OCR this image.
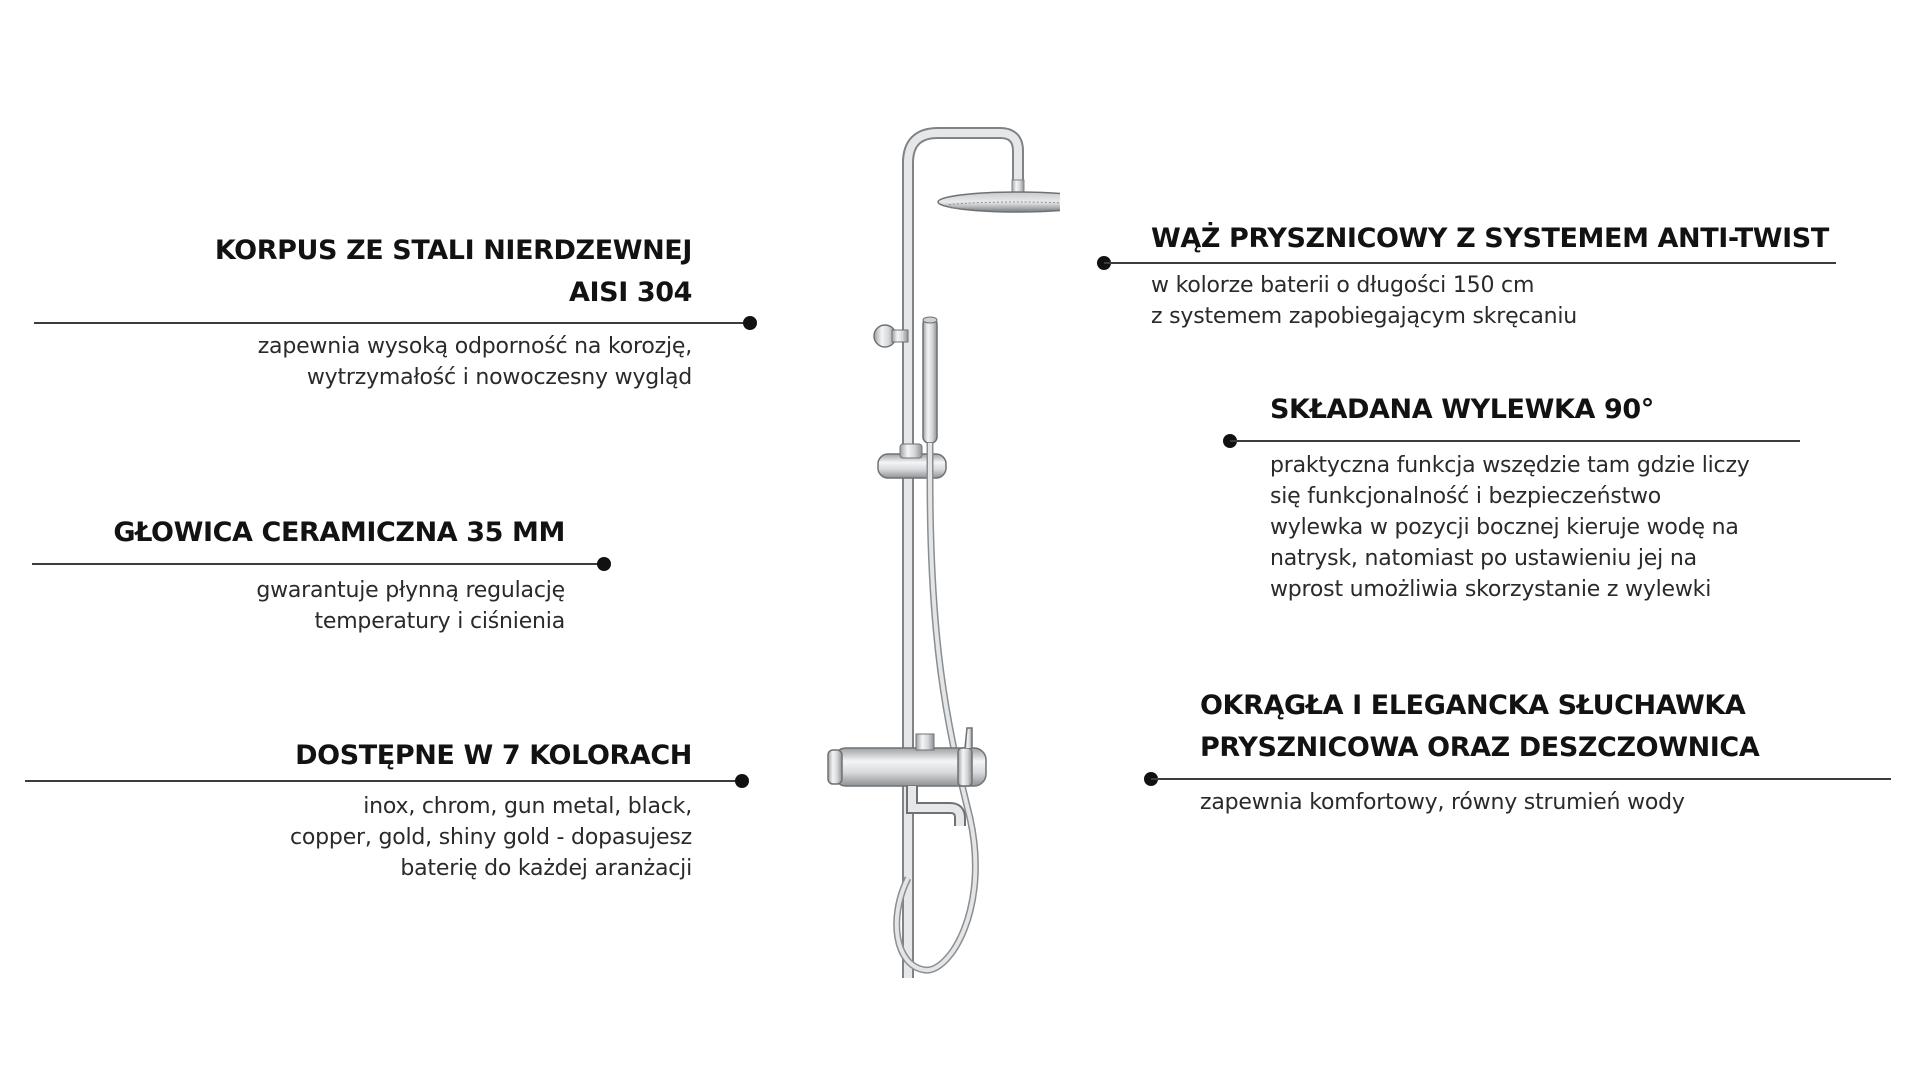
KORPUS ZE STALI NIERDZEWNEJ
AISI 304

zapewnia wysoką odporność na korozję,
wytrzymałość i nowoczesny wygląd

GŁOWICA CERAMICZNA 35 MM

gwarantuje płynną regulację
temperatury i ciśnienia

DOSTĘPNE W 7 KOLORACH

inox, chrom, gun metal, black,
copper, gold, shiny gold - dopasujesz
baterię do każdej aranżacji

WĄŻ PRYSZNICOWY Z SYSTEMEM ANTI-TWIST

w kolorze baterii o długości 150 cm
z systemem zapobiegającym skręcaniu

SKŁADANA WYLEWKA 90°

praktyczna funkcja wszędzie tam gdzie liczy
się funkcjonalność i bezpieczeństwo
wylewka w pozycji bocznej kieruje wodę na
natrysk, natomiast po ustawieniu jej na
wprost umożliwia skorzystanie z wylewki

OKRĄGŁA I ELEGANCKA SŁUCHAWKA
PRYSZNICOWA ORAZ DESZCZOWNICA

zapewnia komfortowy, równy strumień wody
